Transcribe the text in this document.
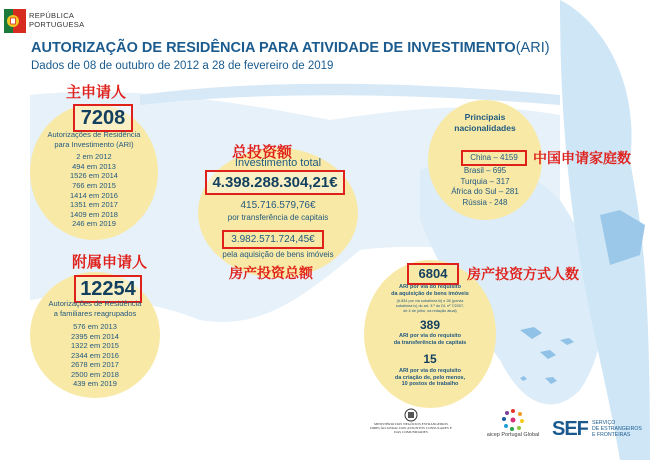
REPÚBLICA
PORTUGUESA
AUTORIZAÇÃO DE RESIDÊNCIA PARA ATIVIDADE DE INVESTIMENTO(ARI)
Dados de 08 de outubro de 2012 a 28 de fevereiro de 2019
主申请人
7208
Autorizações de Residência
para Investimento (ARI)
2 em 2012
494 em 2013
1526 em 2014
766 em 2015
1414 em 2016
1351 em 2017
1409 em 2018
246 em 2019
附属申请人
12254
Autorizações de Residência
a familiares reagrupados
576 em 2013
2395 em 2014
1322 em 2015
2344 em 2016
2678 em 2017
2500 em 2018
439 em 2019
总投资额
Investimento total
4.398.288.304,21€
415.716.579,76€
por transferência de capitais
3.982.571.724,45€
pela aquisição de bens imóveis
房产投资总额
Principais
nacionalidades
China – 4159	中国申请家庭数
Brasil – 695
Turquia – 317
África do Sul – 281
Rússia - 248
6804	房产投资方式人数
ARI por via do requisito
da aquisição de bens imóveis
(6.834 por via subalínea iii) e 28 (porvia
subalínea iv) do art. 3.º do DL nº 7/2007,
de 4 de julho, na redação atual)
389
ARI por via do requisito
da transferência de capitais
15
ARI por via do requisito
da criação de, pelo menos,
10 postos de trabalho
MINISTÉRIO DOS NEGÓCIOS ESTRANGEIROS
DIREÇÃO-GERAL DOS ASSUNTOS CONSULARES E
DAS COMUNIDADES	aicep Portugal Global SEF SERVIÇO
DE ESTRANGEIROS
E FRONTEIRAS
